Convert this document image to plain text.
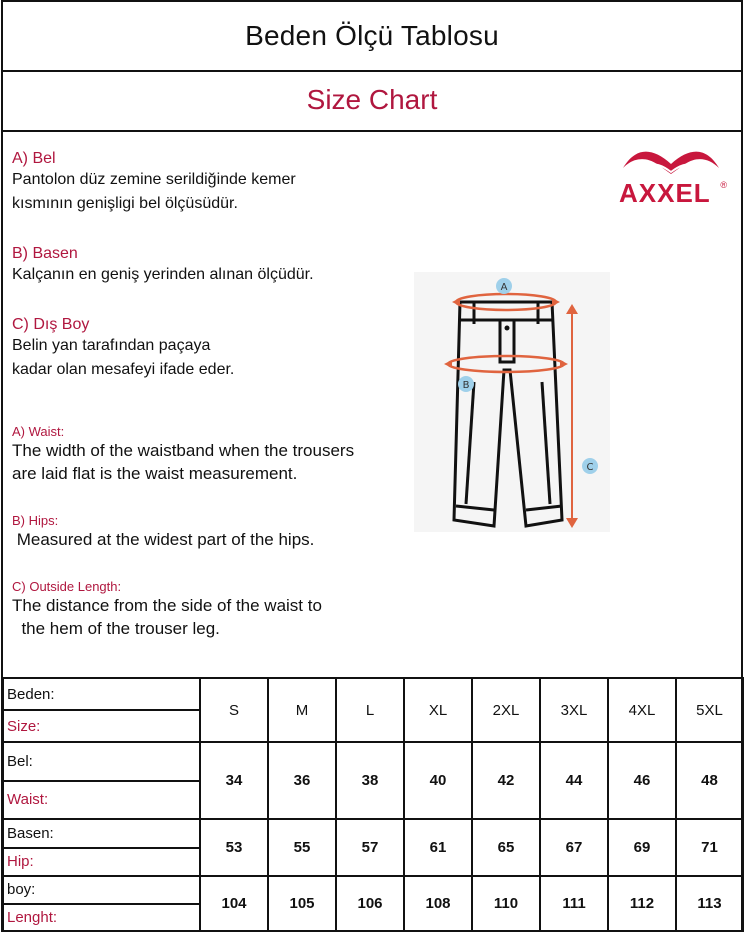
Beden Ölçü Tablosu
Size Chart
A) Bel
Pantolon düz zemine serildiğinde kemer
kısmının genişligi bel ölçüsüdür.
B) Basen
Kalçanın en geniş yerinden alınan ölçüdür.
C) Dış Boy
Belin yan tarafından paçaya
kadar olan mesafeyi ifade eder.
A) Waist:
The width of the waistband when the trousers
are laid flat is the waist measurement.
B) Hips:
Measured at the widest part of the hips.
C) Outside Length:
The distance from the side of the waist to
the hem of the trouser leg.
AXXEL ®
A
B
C
Beden:
Size:	S	M	L	XL	2XL	3XL	4XL	5XL

Bel:
Waist:	34	36	38	40	42	44	46	48

Basen:
Hip:	53	55	57	61	65	67	69	71

boy:
Lenght:	104	105	106	108	110	111	112	113
